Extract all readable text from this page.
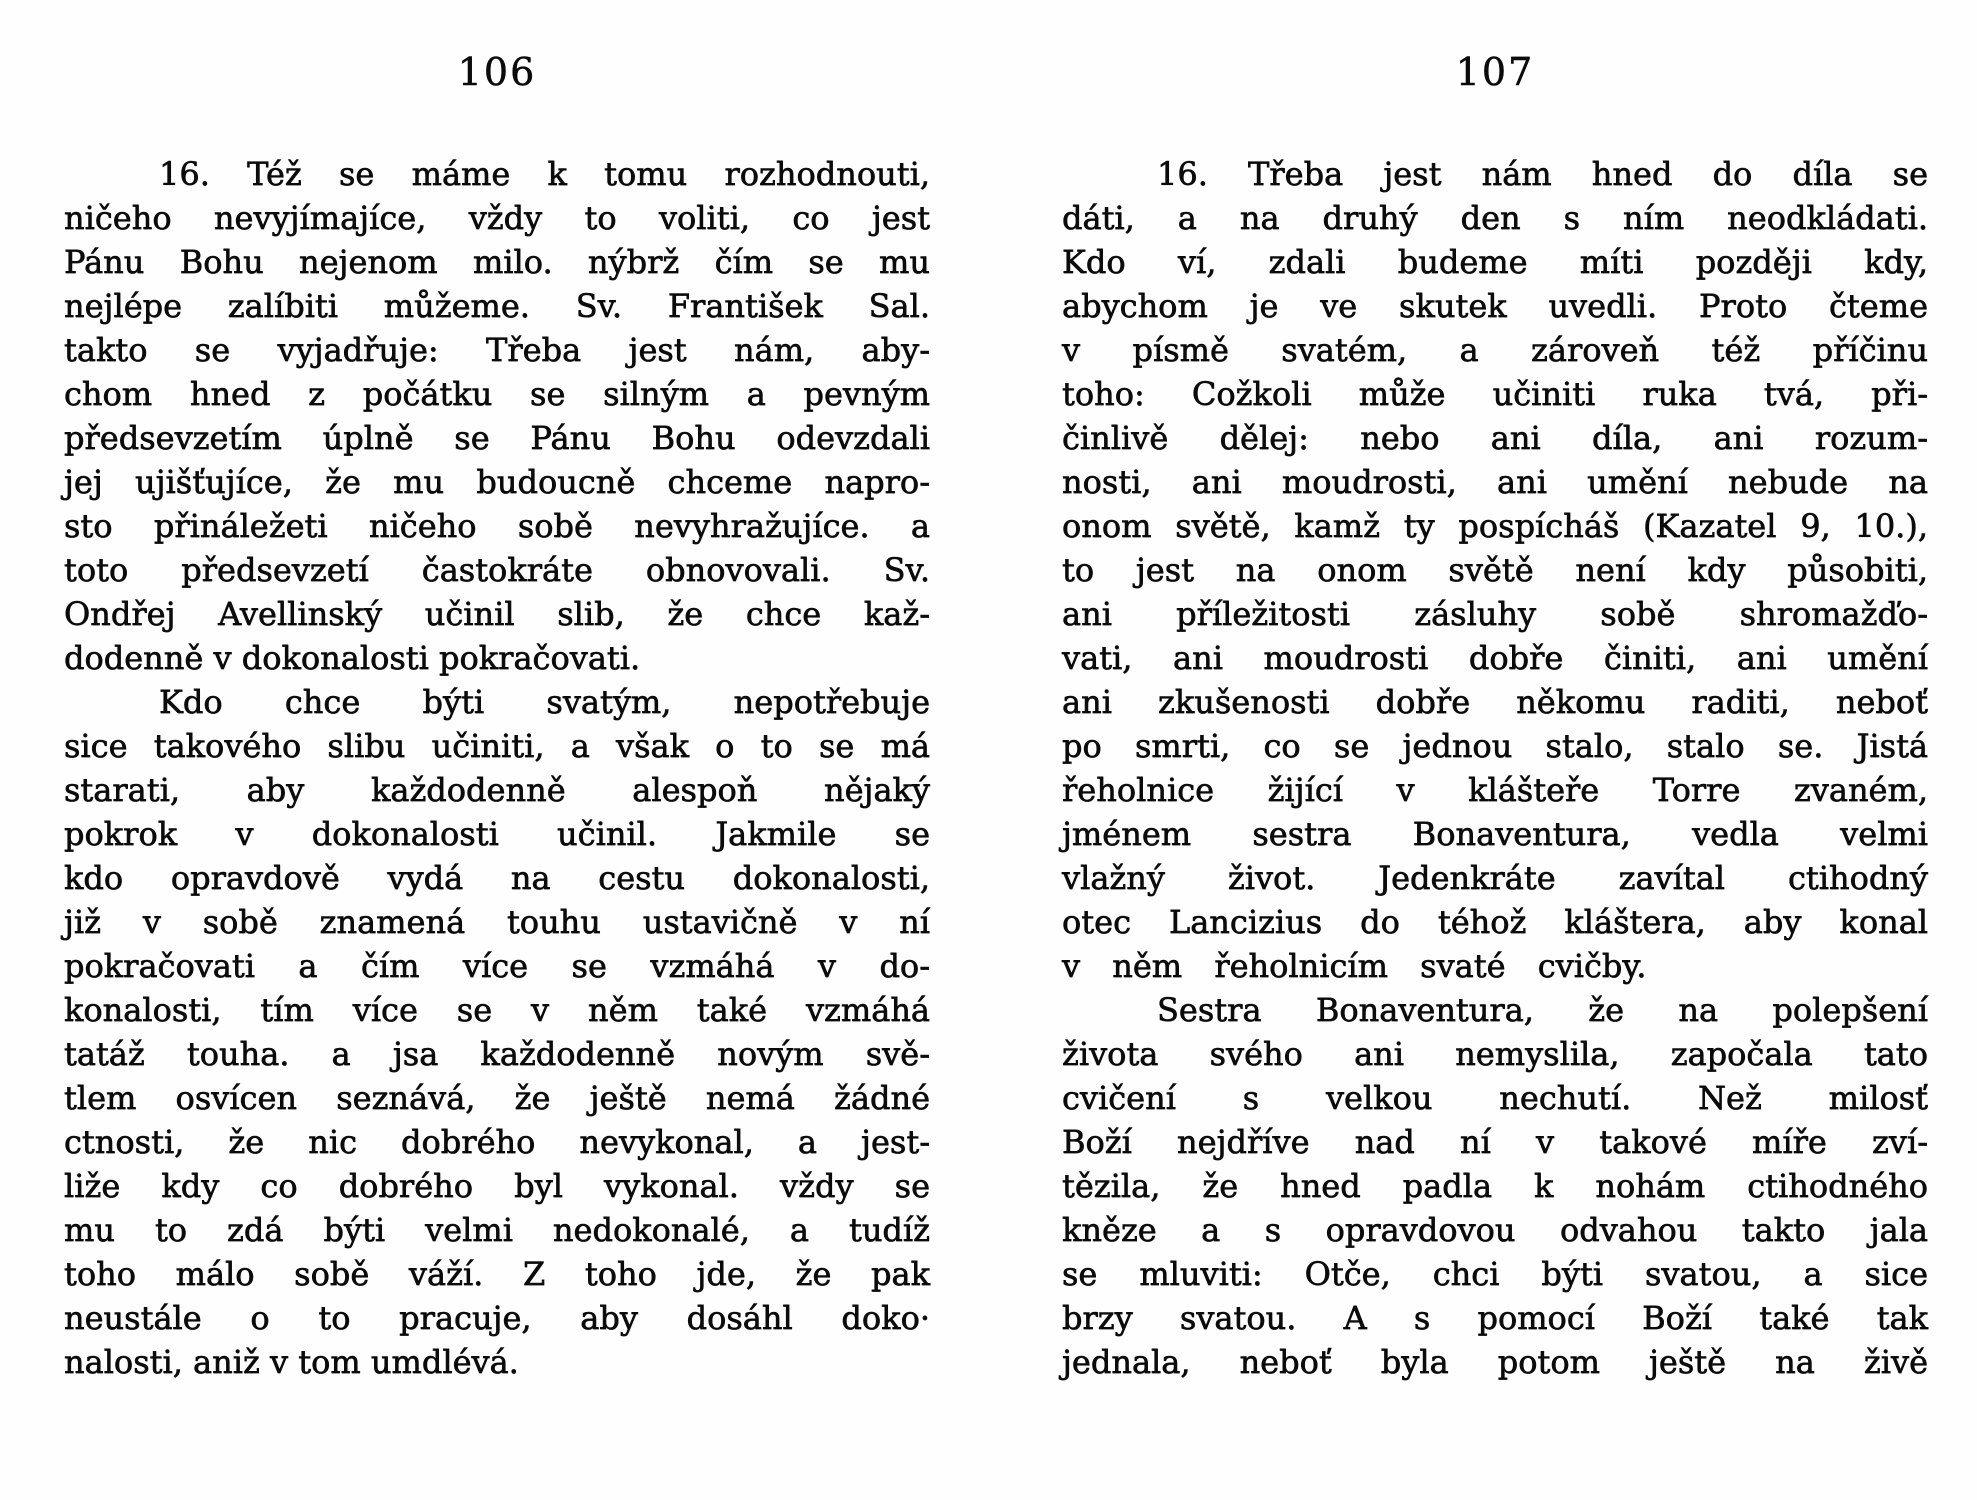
106
16. Též se máme k tomu rozhodnouti,
ničeho nevyjímajíce, vždy to voliti, co jest
Pánu Bohu nejenom milo. nýbrž čím se mu
nejlépe zalíbiti můžeme. Sv. František Sal.
takto se vyjadřuje: Třeba jest nám, aby-
chom hned z počátku se silným a pevným
předsevzetím úplně se Pánu Bohu odevzdali
jej ujišťujíce, že mu budoucně chceme napro-
sto přináležeti ničeho sobě nevyhražujíce. a
toto předsevzetí častokráte obnovovali. Sv.
Ondřej Avellinský učinil slib, že chce kaž-
dodenně v dokonalosti pokračovati.
Kdo chce býti svatým, nepotřebuje
sice takového slibu učiniti, a však o to se má
starati, aby každodenně alespoň nějaký
pokrok v dokonalosti učinil. Jakmile se
kdo opravdově vydá na cestu dokonalosti,
již v sobě znamená touhu ustavičně v ní
pokračovati a čím více se vzmáhá v do-
konalosti, tím více se v něm také vzmáhá
tatáž touha. a jsa každodenně novým svě-
tlem osvícen seznává, že ještě nemá žádné
ctnosti, že nic dobrého nevykonal, a jest-
liže kdy co dobrého byl vykonal. vždy se
mu to zdá býti velmi nedokonalé, a tudíž
toho málo sobě váží. Z toho jde, že pak
neustále o to pracuje, aby dosáhl doko·
nalosti, aniž v tom umdlévá.
107
16. Třeba jest nám hned do díla se
dáti, a na druhý den s ním neodkládati.
Kdo ví, zdali budeme míti později kdy,
abychom je ve skutek uvedli. Proto čteme
v písmě svatém, a zároveň též příčinu
toho: Cožkoli může učiniti ruka tvá, při-
činlivě dělej: nebo ani díla, ani rozum-
nosti, ani moudrosti, ani umění nebude na
onom světě, kamž ty pospícháš (Kazatel 9, 10.),
to jest na onom světě není kdy působiti,
ani příležitosti zásluhy sobě shromažďo-
vati, ani moudrosti dobře činiti, ani umění
ani zkušenosti dobře někomu raditi, neboť
po smrti, co se jednou stalo, stalo se. Jistá
řeholnice žijící v klášteře Torre zvaném,
jménem sestra Bonaventura, vedla velmi
vlažný život. Jedenkráte zavítal ctihodný
otec Lancizius do téhož kláštera, aby konal
v něm řeholnicím svaté cvičby.
Sestra Bonaventura, že na polepšení
života svého ani nemyslila, započala tato
cvičení s velkou nechutí. Než milosť
Boží nejdříve nad ní v takové míře zví-
tězila, že hned padla k nohám ctihodného
kněze a s opravdovou odvahou takto jala
se mluviti: Otče, chci býti svatou, a sice
brzy svatou. A s pomocí Boží také tak
jednala, neboť byla potom ještě na živě
